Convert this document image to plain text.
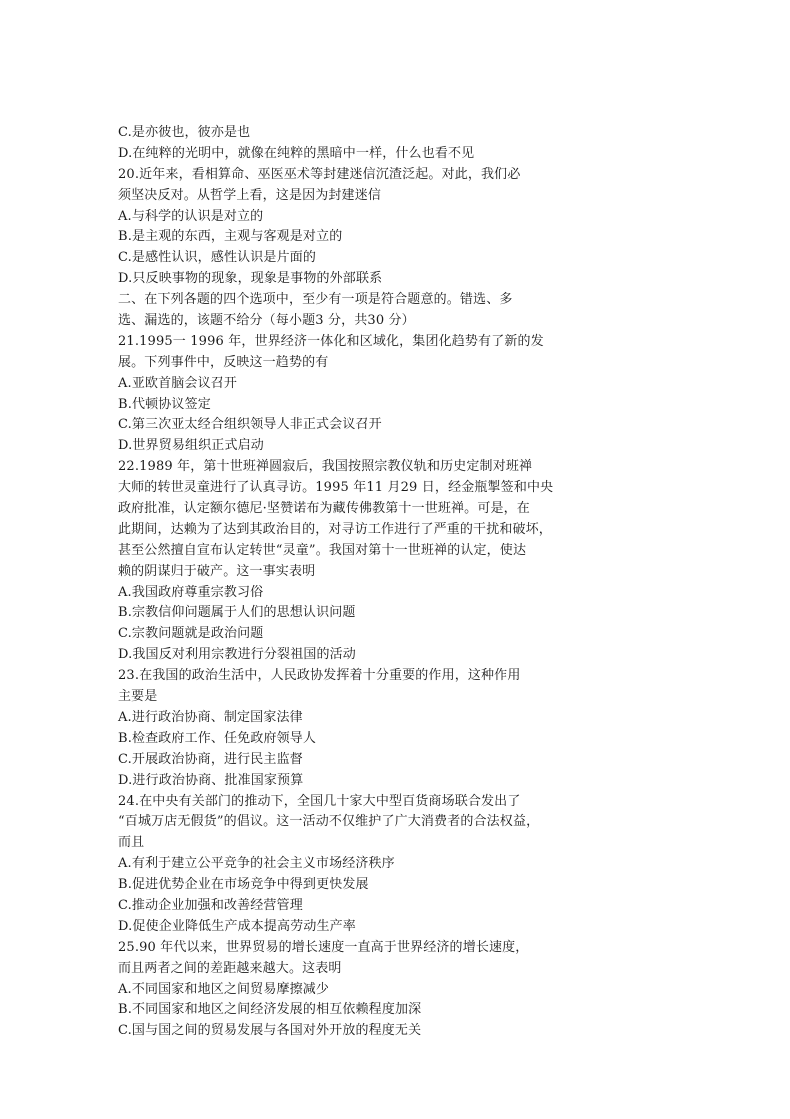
C.是亦彼也，彼亦是也
D.在纯粹的光明中，就像在纯粹的黑暗中一样，什么也看不见
20.近年来，看相算命、巫医巫术等封建迷信沉渣泛起。对此，我们必
须坚决反对。从哲学上看，这是因为封建迷信
A.与科学的认识是对立的
B.是主观的东西，主观与客观是对立的
C.是感性认识，感性认识是片面的
D.只反映事物的现象，现象是事物的外部联系
二、在下列各题的四个选项中，至少有一项是符合题意的。错选、多
选、漏选的，该题不给分（每小题3 分，共30 分）
21.1995一 1996 年，世界经济一体化和区域化，集团化趋势有了新的发
展。下列事件中，反映这一趋势的有
A.亚欧首脑会议召开
B.代顿协议签定
C.第三次亚太经合组织领导人非正式会议召开
D.世界贸易组织正式启动
22.1989 年，第十世班禅圆寂后，我国按照宗教仪轨和历史定制对班禅
大师的转世灵童进行了认真寻访。1995 年11 月29 日，经金瓶掣签和中央
政府批准，认定额尔德尼·坚赞诺布为藏传佛教第十一世班禅。可是，在
此期间，达赖为了达到其政治目的，对寻访工作进行了严重的干扰和破坏，
甚至公然擅自宣布认定转世“灵童”。我国对第十一世班禅的认定，使达
赖的阴谋归于破产。这一事实表明
A.我国政府尊重宗教习俗
B.宗教信仰问题属于人们的思想认识问题
C.宗教问题就是政治问题
D.我国反对利用宗教进行分裂祖国的活动
23.在我国的政治生活中，人民政协发挥着十分重要的作用，这种作用
主要是
A.进行政治协商、制定国家法律
B.检查政府工作、任免政府领导人
C.开展政治协商，进行民主监督
D.进行政治协商、批准国家预算
24.在中央有关部门的推动下，全国几十家大中型百货商场联合发出了
“百城万店无假货”的倡议。这一活动不仅维护了广大消费者的合法权益，
而且
A.有利于建立公平竞争的社会主义市场经济秩序
B.促进优势企业在市场竞争中得到更快发展
C.推动企业加强和改善经营管理
D.促使企业降低生产成本提高劳动生产率
25.90 年代以来，世界贸易的增长速度一直高于世界经济的增长速度，
而且两者之间的差距越来越大。这表明
A.不同国家和地区之间贸易摩擦减少
B.不同国家和地区之间经济发展的相互依赖程度加深
C.国与国之间的贸易发展与各国对外开放的程度无关
